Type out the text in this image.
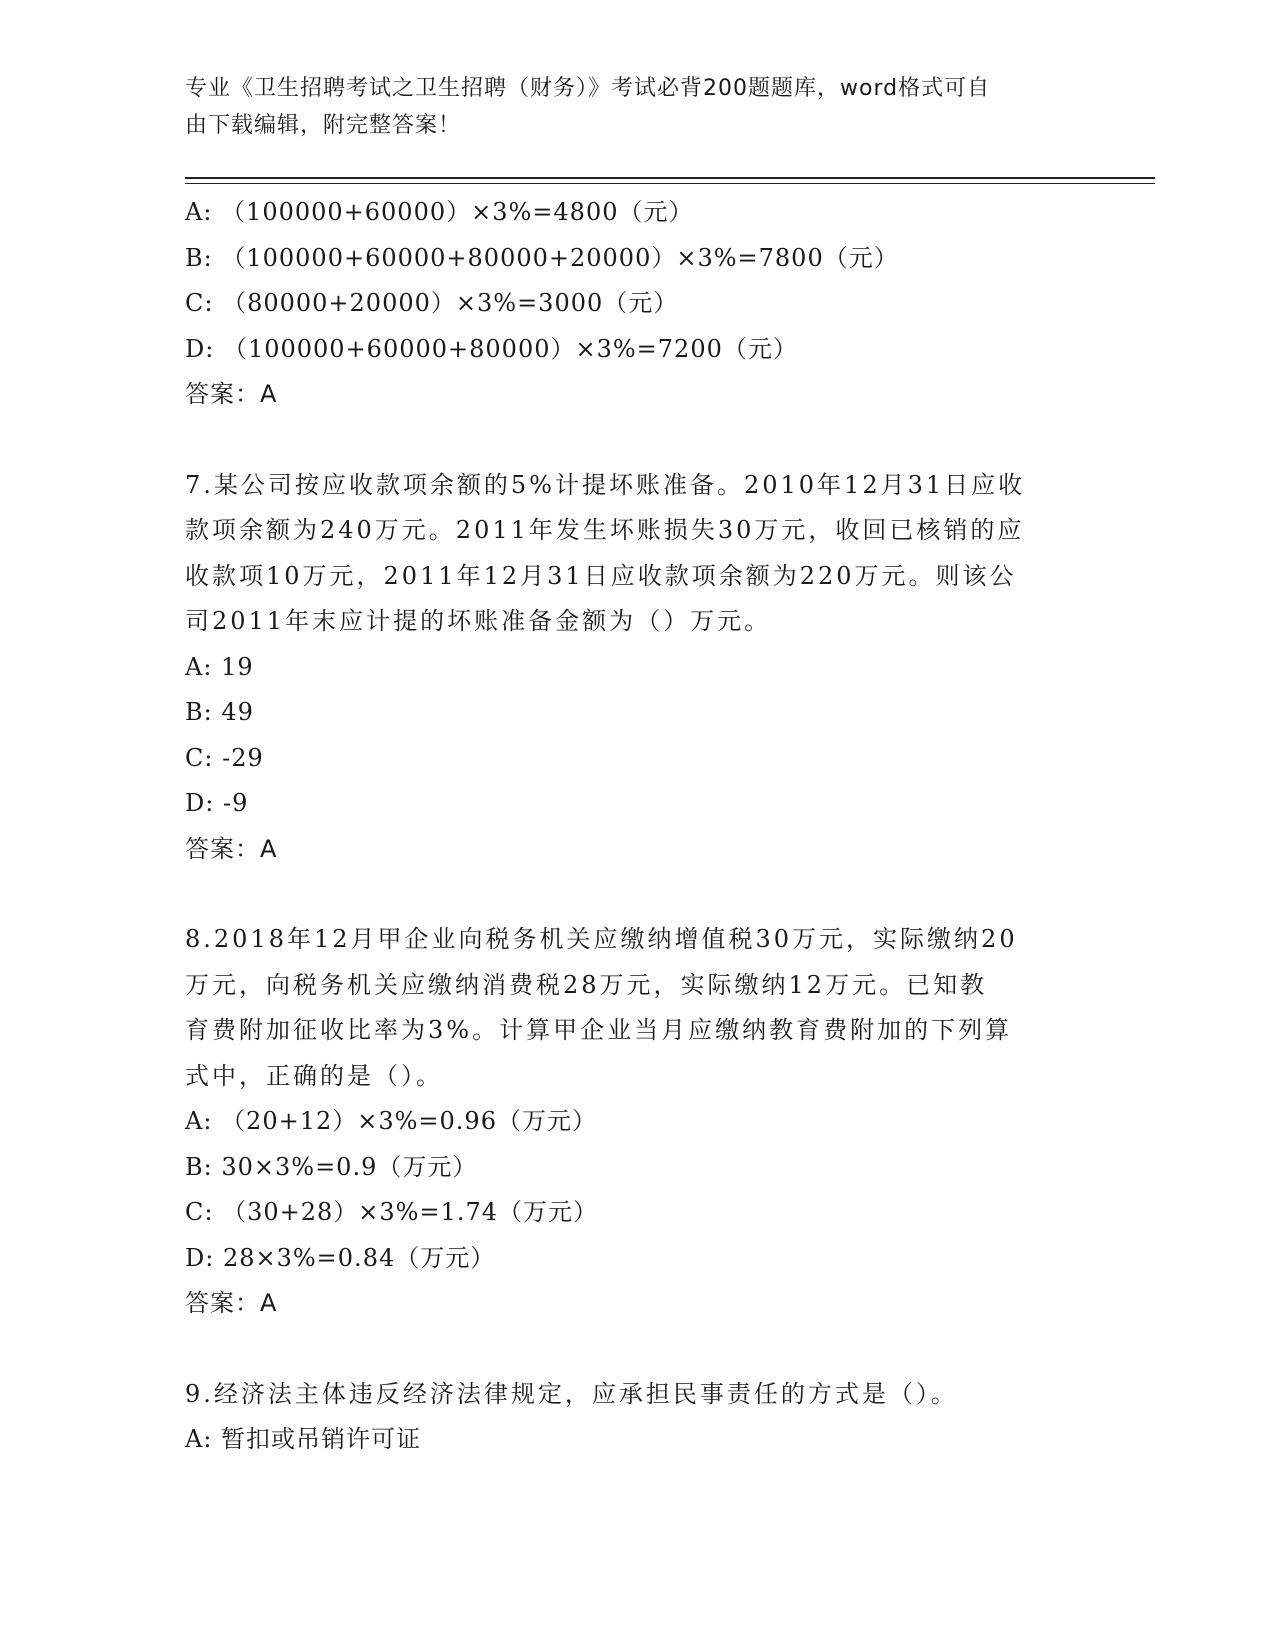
专业《卫生招聘考试之卫生招聘（财务）》考试必背200题题库，word格式可自
由下载编辑，附完整答案！
A: （100000+60000）×3%=4800（元）
B: （100000+60000+80000+20000）×3%=7800（元）
C: （80000+20000）×3%=3000（元）
D: （100000+60000+80000）×3%=7200（元）
答案：A
7.某公司按应收款项余额的5%计提坏账准备。2010年12月31日应收
款项余额为240万元。2011年发生坏账损失30万元，收回已核销的应
收款项10万元，2011年12月31日应收款项余额为220万元。则该公
司2011年末应计提的坏账准备金额为（）万元。
A: 19
B: 49
C: -29
D: -9
答案：A
8.2018年12月甲企业向税务机关应缴纳增值税30万元，实际缴纳20
万元，向税务机关应缴纳消费税28万元，实际缴纳12万元。已知教
育费附加征收比率为3%。计算甲企业当月应缴纳教育费附加的下列算
式中，正确的是（）。
A: （20+12）×3%=0.96（万元）
B: 30×3%=0.9（万元）
C: （30+28）×3%=1.74（万元）
D: 28×3%=0.84（万元）
答案：A
9.经济法主体违反经济法律规定，应承担民事责任的方式是（）。
A: 暂扣或吊销许可证
